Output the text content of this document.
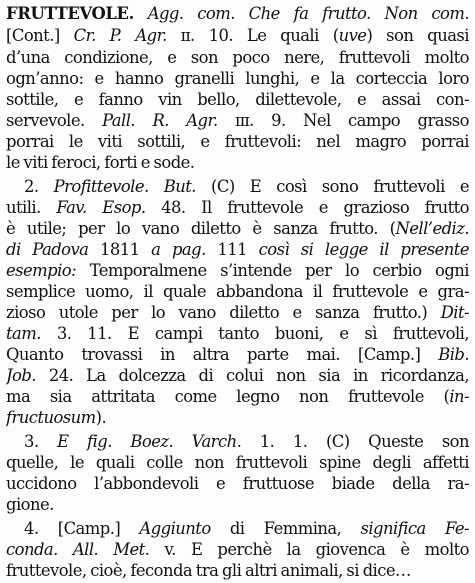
FRUTTEVOLE. Agg. com. Che fa frutto. Non com.
[Cont.] Cr. P. Agr. ɪɪ. 10. Le quali (uve) son quasi
d’una condizione, e son poco nere, fruttevoli molto
ogn’anno: e hanno granelli lunghi, e la corteccia loro
sottile, e fanno vin bello, dilettevole, e assai con-
servevole. Pall. R. Agr. ɪɪɪ. 9. Nel campo grasso
porrai le viti sottili, e fruttevoli: nel magro porrai
le viti feroci, forti e sode.
2. Profittevole. But. (C) E così sono fruttevoli e
utili. Fav. Esop. 48. Il fruttevole e grazioso frutto
è utile; per lo vano diletto è sanza frutto. (Nell’ediz.
di Padova 1811 a pag. 111 così si legge il presente
esempio: Temporalmene s’intende per lo cerbio ogni
semplice uomo, il quale abbandona il fruttevole e gra-
zioso utole per lo vano diletto e sanza frutto.) Dit-
tam. 3. 11. E campi tanto buoni, e sì fruttevoli,
Quanto trovassi in altra parte mai. [Camp.] Bib.
Job. 24. La dolcezza di colui non sia in ricordanza,
ma sia attritata come legno non fruttevole (in-
fructuosum).
3. E fig. Boez. Varch. 1. 1. (C) Queste son
quelle, le quali colle non fruttevoli spine degli affetti
uccidono l’abbondevoli e fruttuose biade della ra-
gione.
4. [Camp.] Aggiunto di Femmina, significa Fe-
conda. All. Met. v. E perchè la giovenca è molto
fruttevole, cioè, feconda tra gli altri animali, si dice…
